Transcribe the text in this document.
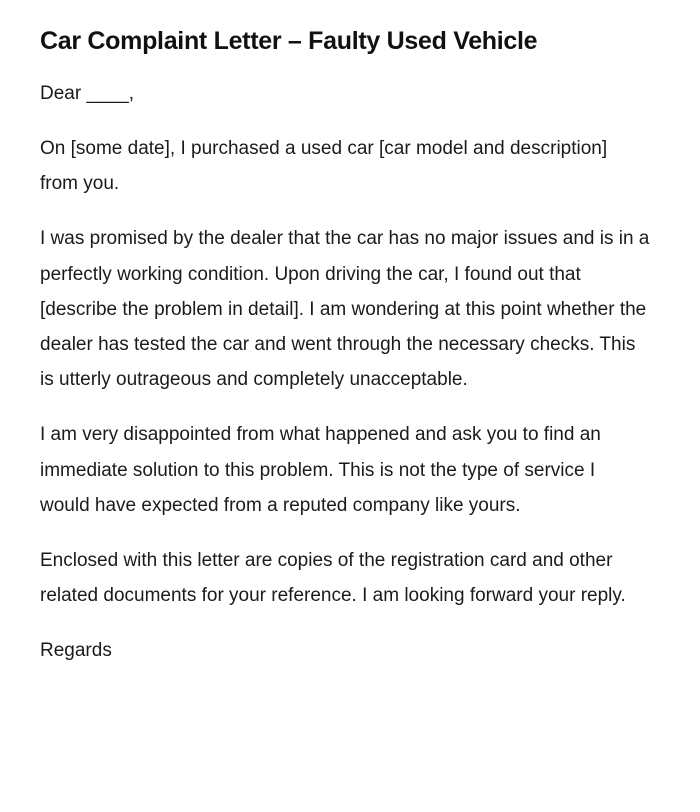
Car Complaint Letter – Faulty Used Vehicle

Dear ____,

On [some date], I purchased a used car [car model and description] from you.

I was promised by the dealer that the car has no major issues and is in a perfectly working condition. Upon driving the car, I found out that [describe the problem in detail]. I am wondering at this point whether the dealer has tested the car and went through the necessary checks. This is utterly outrageous and completely unacceptable.

I am very disappointed from what happened and ask you to find an immediate solution to this problem. This is not the type of service I would have expected from a reputed company like yours.

Enclosed with this letter are copies of the registration card and other related documents for your reference. I am looking forward your reply.

Regards
